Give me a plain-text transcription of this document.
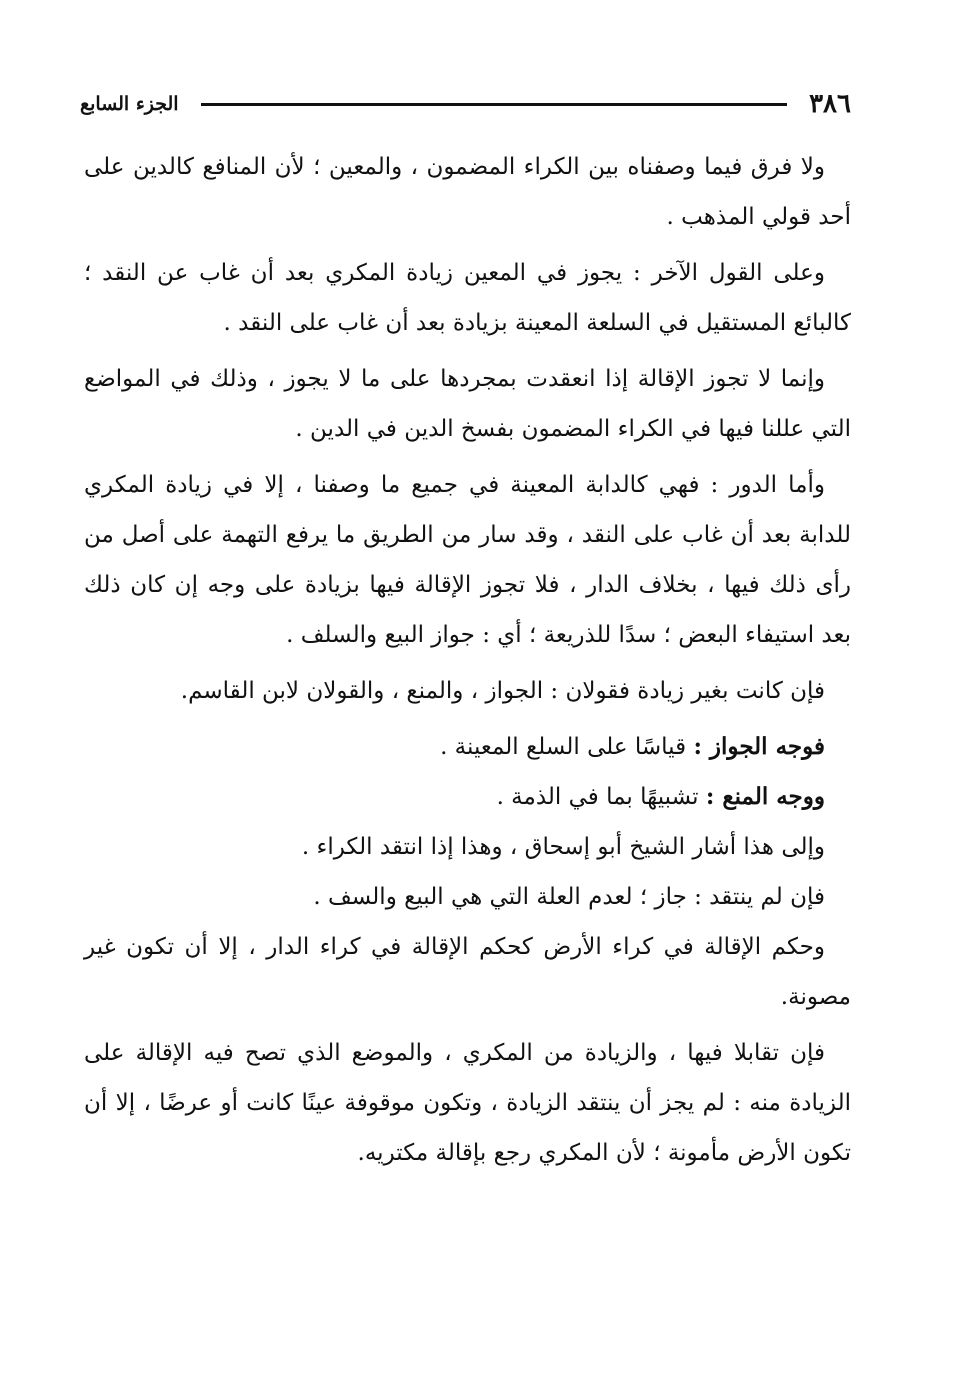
٣٨٦
الجزء السابع

ولا فرق فيما وصفناه بين الكراء المضمون ، والمعين ؛ لأن المنافع كالدين على أحد قولي المذهب .

وعلى القول الآخر : يجوز في المعين زيادة المكري بعد أن غاب عن النقد ؛كالبائع المستقيل في السلعة المعينة بزيادة بعد أن غاب على النقد .

وإنما لا تجوز الإقالة إذا انعقدت بمجردها على ما لا يجوز ، وذلك في المواضع التي عللنا فيها في الكراء المضمون بفسخ الدين في الدين .

وأما الدور : فهي كالدابة المعينة في جميع ما وصفنا ، إلا في زيادة المكري للدابة بعد أن غاب على النقد ، وقد سار من الطريق ما يرفع التهمة على أصل من رأى ذلك فيها ، بخلاف الدار ، فلا تجوز الإقالة فيها بزيادة على وجه إن كان ذلك بعد استيفاء البعض ؛ سدًا للذريعة ؛ أي : جواز البيع والسلف .

فإن كانت بغير زيادة فقولان : الجواز ، والمنع ، والقولان لابن القاسم.

فوجه الجواز : قياسًا على السلع المعينة .

ووجه المنع : تشبيهًا بما في الذمة .

وإلى هذا أشار الشيخ أبو إسحاق ، وهذا إذا انتقد الكراء .

فإن لم ينتقد : جاز ؛ لعدم العلة التي هي البيع والسف .

وحكم الإقالة في كراء الأرض كحكم الإقالة في كراء الدار ، إلا أن تكون غير مصونة.

فإن تقابلا فيها ، والزيادة من المكري ، والموضع الذي تصح فيه الإقالة على الزيادة منه : لم يجز أن ينتقد الزيادة ، وتكون موقوفة عينًا كانت أو عرضًا ، إلا أن تكون الأرض مأمونة ؛ لأن المكري رجع بإقالة مكتريه.
